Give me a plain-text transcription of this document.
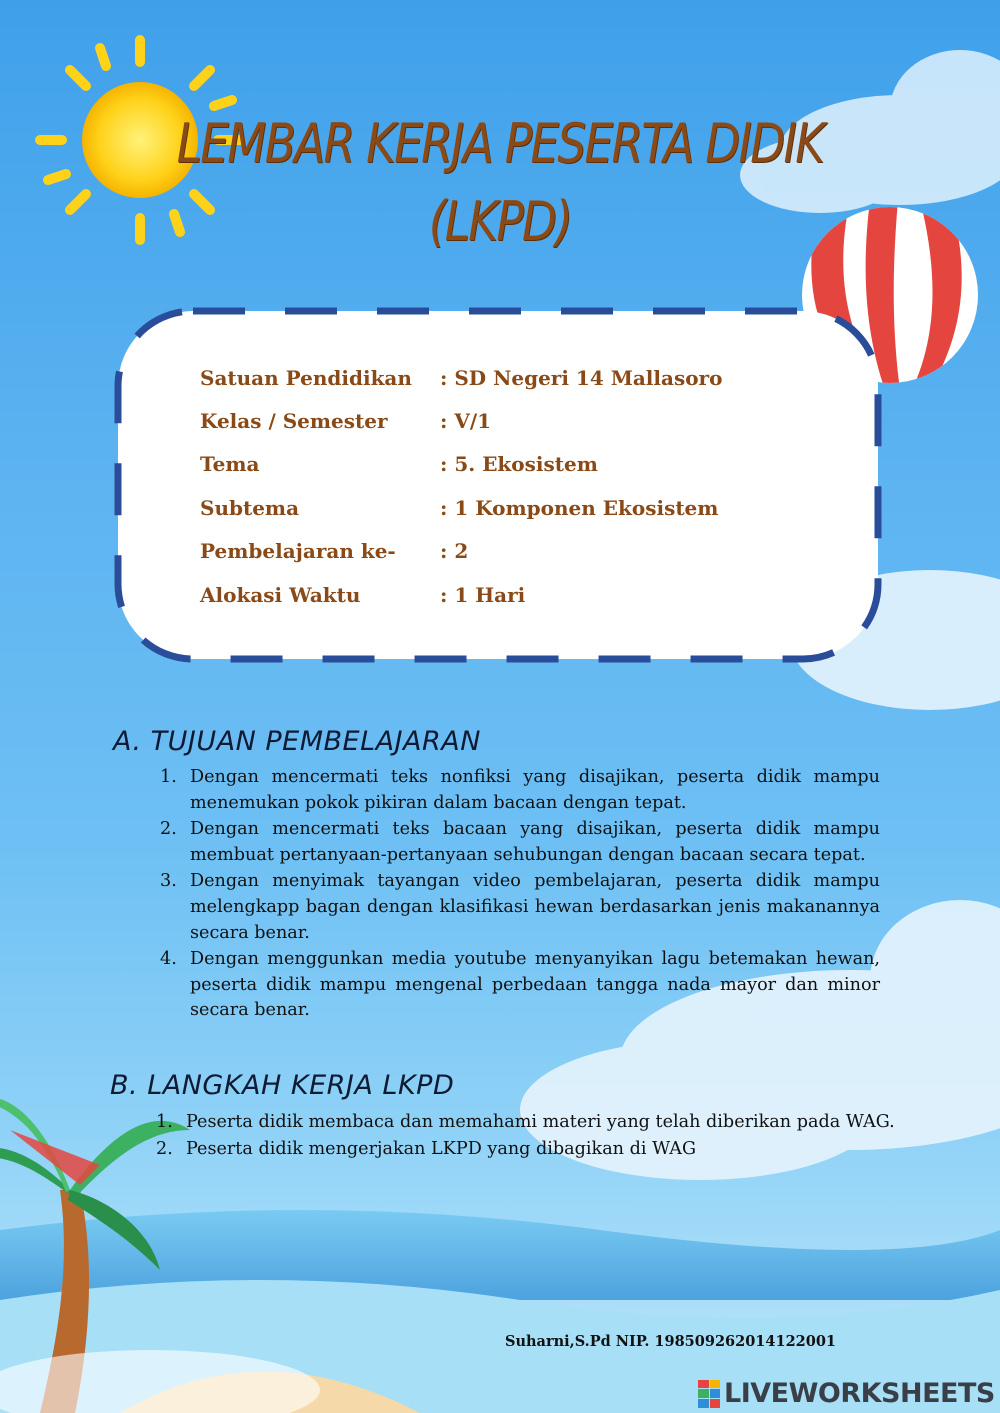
LEMBAR KERJA PESERTA DIDIK
(LKPD)
Satuan Pendidikan	: SD Negeri 14 Mallasoro
Kelas / Semester	: V/1
Tema	: 5. Ekosistem
Subtema	: 1 Komponen Ekosistem
Pembelajaran ke-	: 2
Alokasi Waktu	: 1 Hari
A. TUJUAN PEMBELAJARAN
1. Dengan mencermati teks nonfiksi yang disajikan, peserta didik mampu menemukan pokok pikiran dalam bacaan dengan tepat.
2. Dengan mencermati teks bacaan yang disajikan, peserta didik mampu membuat pertanyaan-pertanyaan sehubungan dengan bacaan secara tepat.
3. Dengan menyimak tayangan video pembelajaran, peserta didik mampu melengkapp bagan dengan klasifikasi hewan berdasarkan jenis makanannya secara benar.
4. Dengan menggunkan media youtube menyanyikan lagu betemakan hewan, peserta didik mampu mengenal perbedaan tangga nada mayor dan minor secara benar.
B. LANGKAH KERJA LKPD
1. Peserta didik membaca dan memahami materi yang telah diberikan pada WAG.
2. Peserta didik mengerjakan LKPD yang dibagikan di WAG
Suharni,S.Pd NIP. 198509262014122001
LIVEWORKSHEETS
